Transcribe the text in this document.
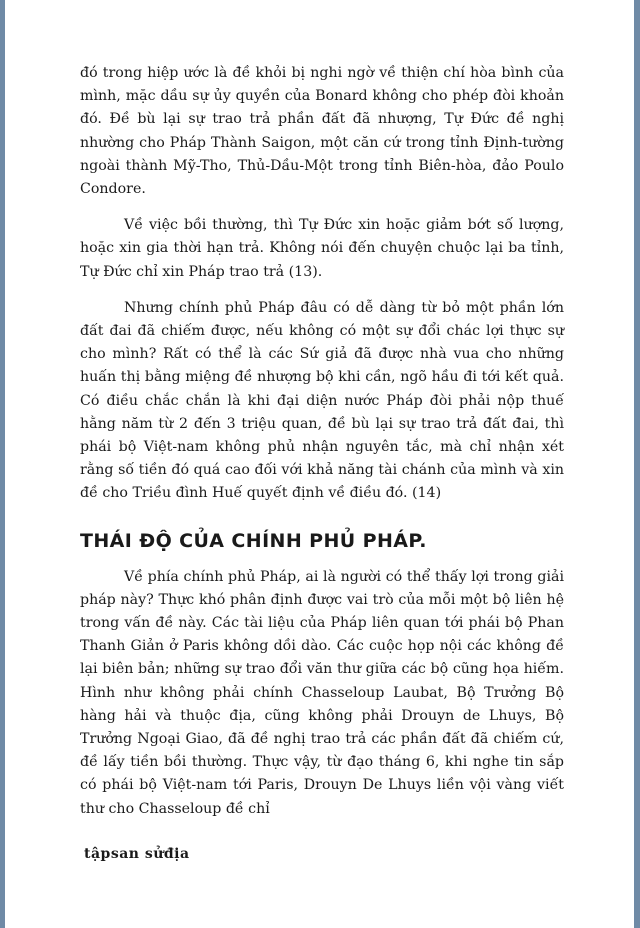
đó trong hiệp ước là đề khỏi bị nghi ngờ về thiện chí hòa bình của mình, mặc dầu sự ủy quyền của Bonard không cho phép đòi khoản đó. Đề bù lại sự trao trả phần đất đã nhượng, Tự Đức đề nghị nhường cho Pháp Thành Saigon, một căn cứ trong tỉnh Định-tường ngoài thành Mỹ-Tho, Thủ-Dầu-Một trong tỉnh Biên-hòa, đảo Poulo Condore.

Về việc bồi thường, thì Tự Đức xin hoặc giảm bớt số lượng, hoặc xin gia thời hạn trả. Không nói đến chuyện chuộc lại ba tỉnh, Tự Đức chỉ xin Pháp trao trả (13).

Nhưng chính phủ Pháp đâu có dễ dàng từ bỏ một phần lớn đất đai đã chiếm được, nếu không có một sự đổi chác lợi thực sự cho mình? Rất có thể là các Sứ giả đã được nhà vua cho những huấn thị bằng miệng đề nhượng bộ khi cần, ngõ hầu đi tới kết quả. Có điều chắc chắn là khi đại diện nước Pháp đòi phải nộp thuế hằng năm từ 2 đến 3 triệu quan, đề bù lại sự trao trả đất đai, thì phái bộ Việt-nam không phủ nhận nguyên tắc, mà chỉ nhận xét rằng số tiền đó quá cao đối với khả năng tài chánh của mình và xin đề cho Triều đình Huế quyết định về điều đó. (14)

THÁI ĐỘ CỦA CHÍNH PHỦ PHÁP.

Về phía chính phủ Pháp, ai là người có thể thấy lợi trong giải pháp này? Thực khó phân định được vai trò của mỗi một bộ liên hệ trong vấn đề này. Các tài liệu của Pháp liên quan tới phái bộ Phan Thanh Giản ở Paris không dồi dào. Các cuộc họp nội các không đề lại biên bản; những sự trao đổi văn thư giữa các bộ cũng họa hiếm. Hình như không phải chính Chasseloup Laubat, Bộ Trưởng Bộ hàng hải và thuộc địa, cũng không phải Drouyn de Lhuys, Bộ Trưởng Ngoại Giao, đã đề nghị trao trả các phần đất đã chiếm cứ, đề lấy tiền bồi thường. Thực vậy, từ đạo tháng 6, khi nghe tin sắp có phái bộ Việt-nam tới Paris, Drouyn De Lhuys liền vội vàng viết thư cho Chasseloup đề chỉ

tậpsan sửđịa
